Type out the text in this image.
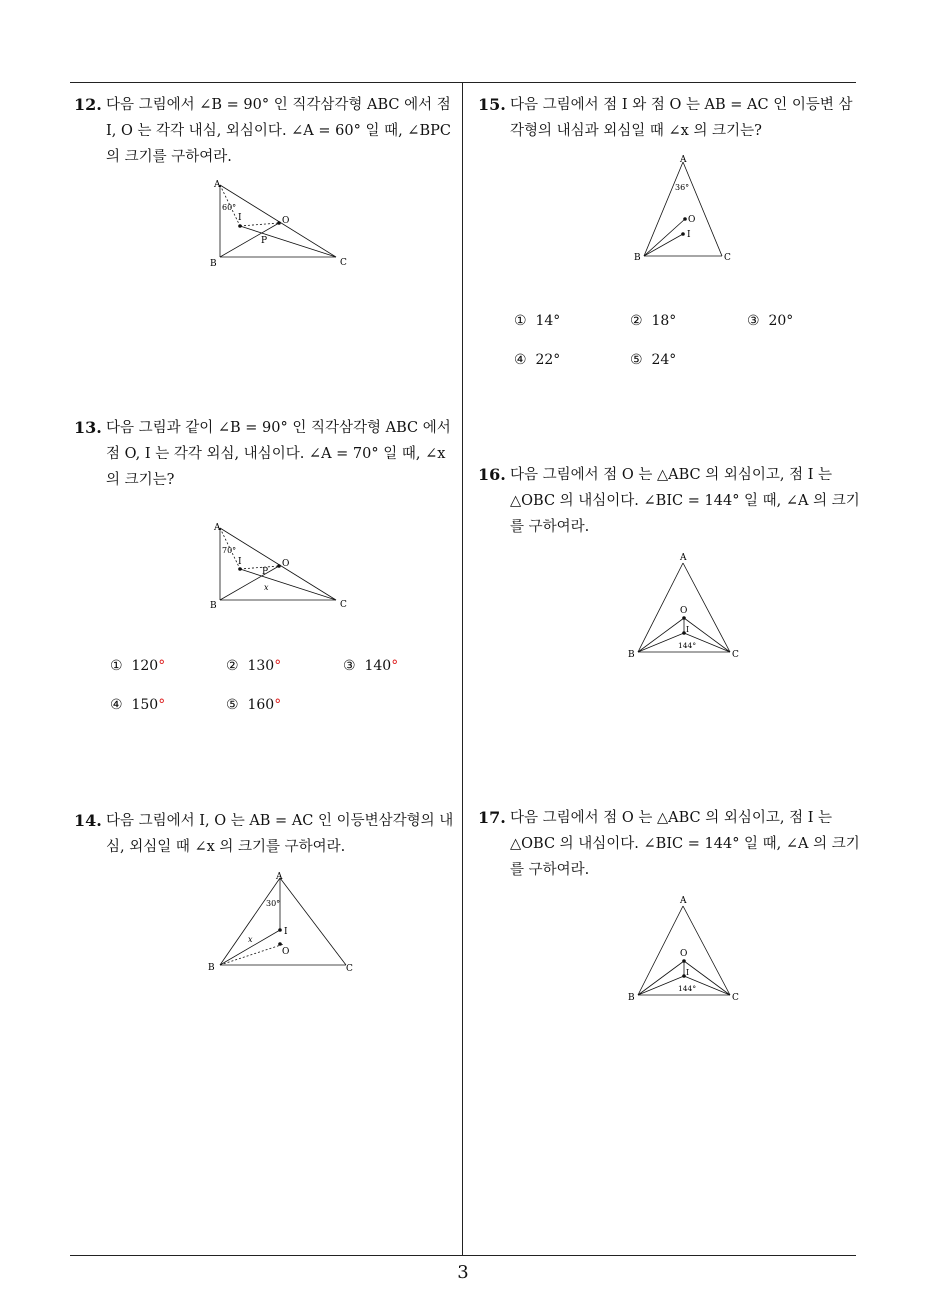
12. 다음 그림에서 ∠B = 90° 인 직각삼각형 ABC 에서 점 I, O 는 각각 내심, 외심이다. ∠A = 60° 일 때, ∠BPC 의 크기를 구하여라.
A
B	C
I	O
P
60°
13. 다음 그림과 같이 ∠B = 90° 인 직각삼각형 ABC 에서 점 O, I 는 각각 외심, 내심이다. ∠A = 70° 일 때, ∠x 의 크기는?
A
B	C
I	O
P
x
70°
① 120°	② 130°	③ 140°
④ 150°	⑤ 160°
14. 다음 그림에서 I, O 는 AB = AC 인 이등변삼각형의 내심, 외심일 때 ∠x 의 크기를 구하여라.
A
B	C
I
O
30°
x
15. 다음 그림에서 점 I 와 점 O 는 AB = AC 인 이등변 삼각형의 내심과 외심일 때 ∠x 의 크기는?
A
B	C
O
I
36°
① 14°	② 18°	③ 20°
④ 22°	⑤ 24°
16. 다음 그림에서 점 O 는 △ABC 의 외심이고, 점 I 는 △OBC 의 내심이다. ∠BIC = 144° 일 때, ∠A 의 크기를 구하여라.
A
B	C
O
I
144°
17. 다음 그림에서 점 O 는 △ABC 의 외심이고, 점 I 는 △OBC 의 내심이다. ∠BIC = 144° 일 때, ∠A 의 크기를 구하여라.
A
B	C
O
I
144°
3
